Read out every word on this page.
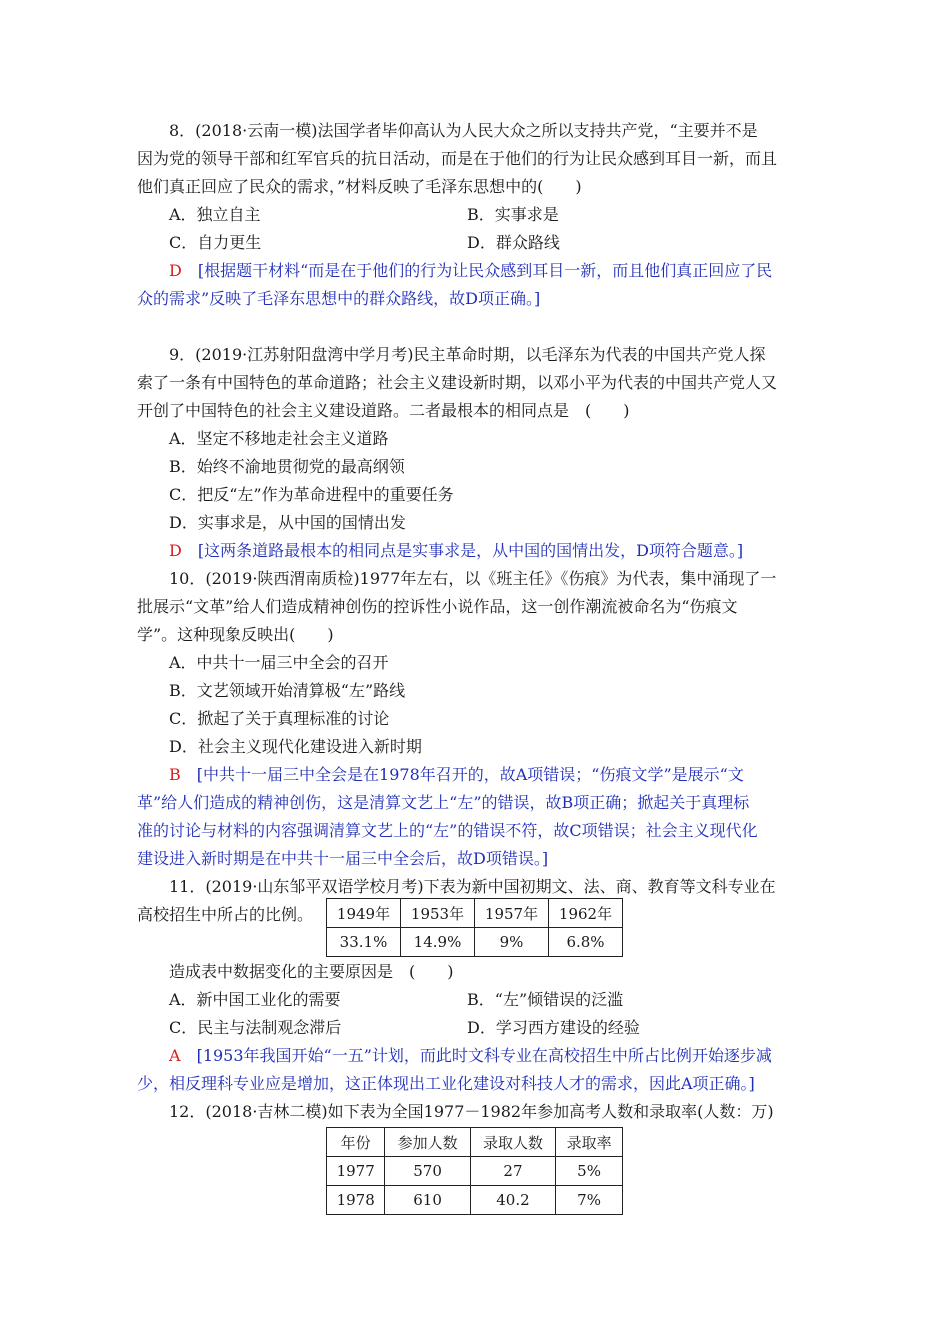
8．(2018·云南一模)法国学者毕仰高认为人民大众之所以支持共产党，“主要并不是
因为党的领导干部和红军官兵的抗日活动，而是在于他们的行为让民众感到耳目一新，而且
他们真正回应了民众的需求，”材料反映了毛泽东思想中的(　　)
A．独立自主	B．实事求是
C．自力更生	D．群众路线
D　 [根据题干材料“而是在于他们的行为让民众感到耳目一新，而且他们真正回应了民
众的需求”反映了毛泽东思想中的群众路线，故D项正确。]
9．(2019·江苏射阳盘湾中学月考)民主革命时期，以毛泽东为代表的中国共产党人探
索了一条有中国特色的革命道路；社会主义建设新时期，以邓小平为代表的中国共产党人又
开创了中国特色的社会主义建设道路。二者最根本的相同点是　(　　)
A．坚定不移地走社会主义道路
B．始终不渝地贯彻党的最高纲领
C．把反“左”作为革命进程中的重要任务
D．实事求是，从中国的国情出发
D　 [这两条道路最根本的相同点是实事求是，从中国的国情出发，D项符合题意。]
10．(2019·陕西渭南质检)1977年左右，以《班主任》《伤痕》为代表，集中涌现了一
批展示“文革”给人们造成精神创伤的控诉性小说作品，这一创作潮流被命名为“伤痕文
学”。这种现象反映出(　　)
A．中共十一届三中全会的召开
B．文艺领域开始清算极“左”路线
C．掀起了关于真理标准的讨论
D．社会主义现代化建设进入新时期
B　 [中共十一届三中全会是在1978年召开的，故A项错误；“伤痕文学”是展示“文
革”给人们造成的精神创伤，这是清算文艺上“左”的错误，故B项正确；掀起关于真理标
准的讨论与材料的内容强调清算文艺上的“左”的错误不符，故C项错误；社会主义现代化
建设进入新时期是在中共十一届三中全会后，故D项错误。]
11．(2019·山东邹平双语学校月考)下表为新中国初期文、法、商、教育等文科专业在
高校招生中所占的比例。 1949年	1953年	1957年	1962年
33.1%	14.9%	9%	6.8%
造成表中数据变化的主要原因是　(　　)
A．新中国工业化的需要	B．“左”倾错误的泛滥
C．民主与法制观念滞后	D．学习西方建设的经验
A　 [1953年我国开始“一五”计划，而此时文科专业在高校招生中所占比例开始逐步减
少，相反理科专业应是增加，这正体现出工业化建设对科技人才的需求，因此A项正确。]
12．(2018·吉林二模)如下表为全国1977－1982年参加高考人数和录取率(人数：万)
年份	参加人数	录取人数	录取率
1977	570	27	5%
1978	610	40.2	7%
